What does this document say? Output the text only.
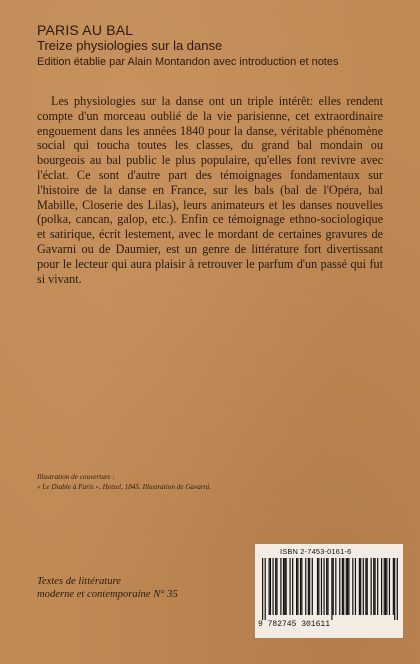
PARIS AU BAL
Treize physiologies sur la danse
Edition établie par Alain Montandon avec introduction et notes

Les physiologies sur la danse ont un triple intérêt: elles rendent compte d'un morceau oublié de la vie parisienne, cet extraordinaire engouement dans les années 1840 pour la danse, véritable phénomène social qui toucha toutes les classes, du grand bal mondain ou bourgeois au bal public le plus populaire, qu'elles font revivre avec l'éclat. Ce sont d'autre part des témoignages fondamentaux sur l'histoire de la danse en France, sur les bals (bal de l'Opéra, bal Mabille, Closerie des Lilas), leurs animateurs et les danses nouvelles (polka, cancan, galop, etc.). Enfin ce témoignage ethno-sociologique et satirique, écrit lestement, avec le mordant de certaines gravures de Gavarni ou de Daumier, est un genre de littérature fort divertissant pour le lecteur qui aura plaisir à retrouver le parfum d'un passé qui fut si vivant.

Illustration de couverture :

« Le Diable à Paris », Hetzel, 1845. Illustration de Gavarni.

Textes de littérature

moderne et contemporaine N° 35

ISBN 2-7453-0161-6
9 782745 301611
